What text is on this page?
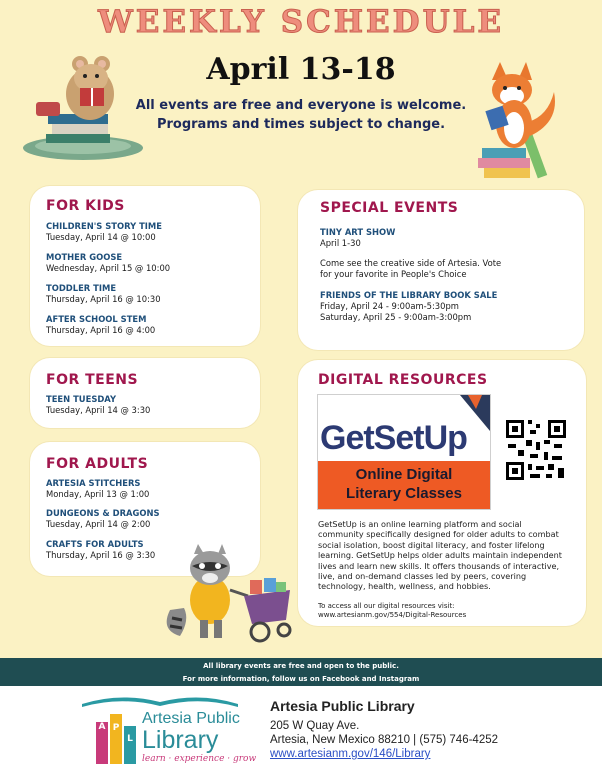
WEEKLY SCHEDULE
April 13-18
All events are free and everyone is welcome.
Programs and times subject to change.
FOR KIDS
CHILDREN'S STORY TIME
Tuesday, April 14 @ 10:00
MOTHER GOOSE
Wednesday, April 15 @ 10:00
TODDLER TIME
Thursday, April 16 @ 10:30
AFTER SCHOOL STEM
Thursday, April 16 @ 4:00
FOR TEENS
TEEN TUESDAY
Tuesday, April 14 @ 3:30
FOR ADULTS
ARTESIA STITCHERS
Monday, April 13 @ 1:00
DUNGEONS & DRAGONS
Tuesday, April 14 @ 2:00
CRAFTS FOR ADULTS
Thursday, April 16 @ 3:30
SPECIAL EVENTS
TINY ART SHOW
April 1-30
Come see the creative side of Artesia. Vote
for your favorite in People's Choice
FRIENDS OF THE LIBRARY BOOK SALE
Friday, April 24 - 9:00am-5:30pm
Saturday, April 25 - 9:00am-3:00pm
DIGITAL RESOURCES
GetSetUp
Online Digital
Literary Classes
GetSetUp is an online learning platform and social
community specifically designed for older adults to combat
social isolation, boost digital literacy, and foster lifelong
learning. GetSetUp helps older adults maintain independent
lives and learn new skills. It offers thousands of interactive,
live, and on-demand classes led by peers, covering
technology, health, wellness, and hobbies.
To access all our digital resources visit:
www.artesianm.gov/554/Digital-Resources
All library events are free and open to the public.
For more information, follow us on Facebook and Instagram
A P
L
Artesia Public
Library
learn · experience · grow
Artesia Public Library
205 W Quay Ave.
Artesia, New Mexico 88210 | (575) 746-4252
www.artesianm.gov/146/Library
